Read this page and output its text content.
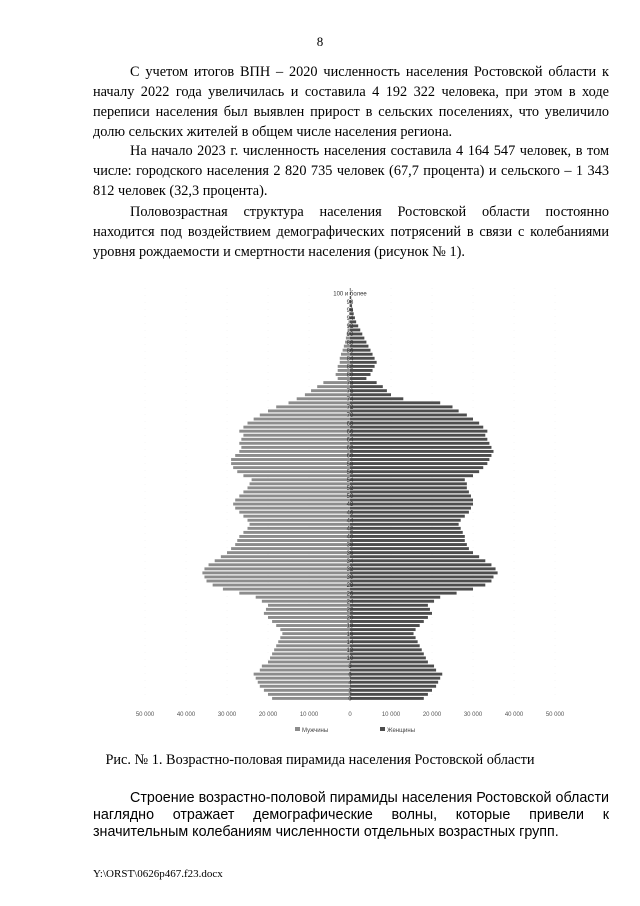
8

С учетом итогов ВПН – 2020 численность населения Ростовской области к началу 2022 года увеличилась и составила 4 192 322 человека, при этом в ходе переписи населения был выявлен прирост в сельских поселениях, что увеличило долю сельских жителей в общем числе населения региона.

На начало 2023 г. численность населения составила 4 164 547 человек, в том числе: городского населения 2 820 735 человек (67,7 процента) и сельского – 1 343 812 человек (32,3 процента).

Половозрастная структура населения Ростовской области постоянно находится под воздействием демографических потрясений в связи с колебаниями уровня рождаемости и смертности населения (рисунок № 1).

0
2
4
6
8
10
12
14
16
18
20
22
24
26
28
30
32
34
36
38
40
42
44
46
48
50
52
54
56
58
60
62
64
66
68
70
72
74
76
78
80
82
84
86
88
90
92
94
96
98
100 и более
50 000	40 000	30 000	20 000	10 000	0	10 000	20 000	30 000	40 000	50 000
Мужчины	Женщины
Рис. № 1. Возрастно-половая пирамида населения Ростовской области

Строение возрастно-половой пирамиды населения Ростовской области наглядно отражает демографические волны, которые привели к значительным колебаниям численности отдельных возрастных групп.

Y:\ORST\0626p467.f23.docx
